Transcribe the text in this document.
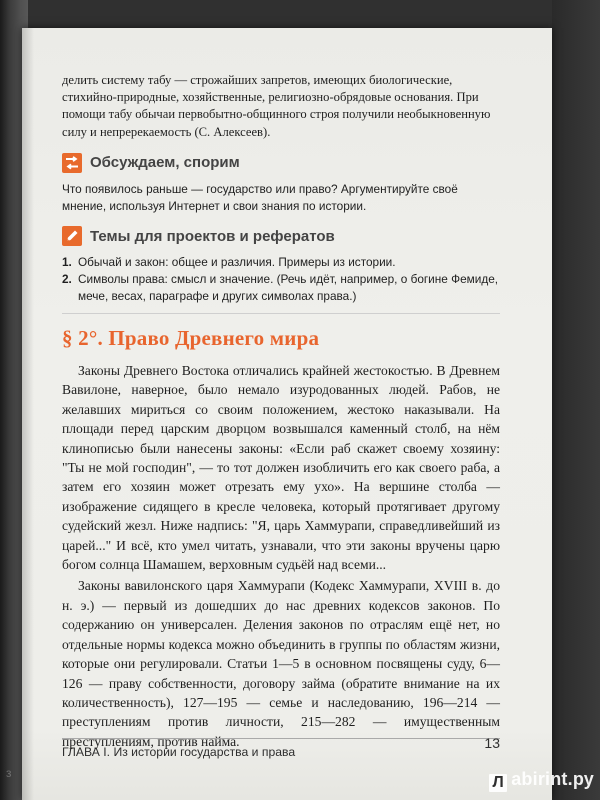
делить систему табу — строжайших запретов, имеющих биологические, стихийно-природные, хозяйственные, религиозно-обрядовые основания. При помощи табу обычаи первобытно-общинного строя получили необыкновенную силу и непререкаемость (С. Алексеев).

Обсуждаем, спорим

Что появилось раньше — государство или право? Аргументируйте своё мнение, используя Интернет и свои знания по истории.

Темы для проектов и рефератов
1. Обычай и закон: общее и различия. Примеры из истории.
2. Символы права: смысл и значение. (Речь идёт, например, о богине Фемиде, мече, весах, параграфе и других символах права.)
§ 2°. Право Древнего мира

Законы Древнего Востока отличались крайней жестокостью. В Древнем Вавилоне, наверное, было немало изуродованных людей. Рабов, не желавших мириться со своим положением, жестоко наказывали. На площади перед царским дворцом возвышался каменный столб, на нём клинописью были нанесены законы: «Если раб скажет своему хозяину: "Ты не мой господин", — то тот должен изобличить его как своего раба, а затем его хозяин может отрезать ему ухо». На вершине столба — изображение сидящего в кресле человека, который протягивает другому судейский жезл. Ниже надпись: "Я, царь Хаммурапи, справедливейший из царей..." И всё, кто умел читать, узнавали, что эти законы вручены царю богом солнца Шамашем, верховным судьёй над всеми...

Законы вавилонского царя Хаммурапи (Кодекс Хаммурапи, XVIII в. до н. э.) — первый из дошедших до нас древних кодексов законов. По содержанию он универсален. Деления законов по отраслям ещё нет, но отдельные нормы кодекса можно объединить в группы по областям жизни, которые они регулировали. Статьи 1—5 в основном посвящены суду, 6—126 — праву собственности, договору займа (обратите внимание на их количественность), 127—195 — семье и наследованию, 196—214 — преступлениям против личности, 215—282 — имущественным преступлениям, против найма.

ГЛАВА I. Из истории государства и права
13
з
Л abirint.ру
